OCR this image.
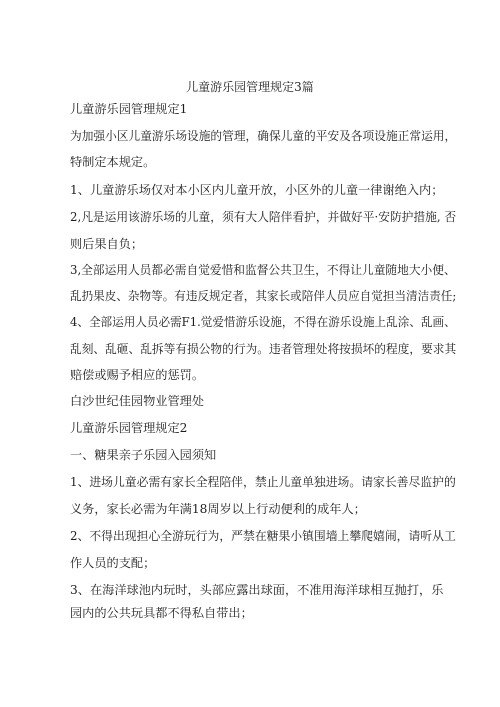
儿童游乐园管理规定3篇
儿童游乐园管理规定1
为加强小区儿童游乐场设施的管理，确保儿童的平安及各项设施正常运用，
特制定本规定。
1、儿童游乐场仅对本小区内儿童开放，小区外的儿童一律谢绝入内；
2,凡是运用该游乐场的儿童，须有大人陪伴看护，并做好平·安防护措施, 否
则后果自负；
3,全部运用人员都必需自觉爱惜和监督公共卫生，不得让儿童随地大小便、
乱扔果皮、杂物等。有违反规定者，其家长或陪伴人员应自觉担当清洁责任;
4、全部运用人员必需F1.觉爱惜游乐设施，不得在游乐设施上乱涂、乱画、
乱刻、乱砸、乱拆等有损公物的行为。违者管理处将按损坏的程度，要求其
赔偿或赐予相应的惩罚。
白沙世纪佳园物业管理处
儿童游乐园管理规定2
一、糖果亲子乐园入园须知
1、进场儿童必需有家长全程陪伴，禁止儿童单独进场。请家长善尽监护的
义务，家长必需为年满18周岁以上行动便利的成年人；
2、不得出现担心全游玩行为，严禁在糖果小镇围墙上攀爬嬉闹，请听从工
作人员的支配；
3、在海洋球池内玩时，头部应露出球面，不准用海洋球相互抛打，乐
园内的公共玩具都不得私自带出；
